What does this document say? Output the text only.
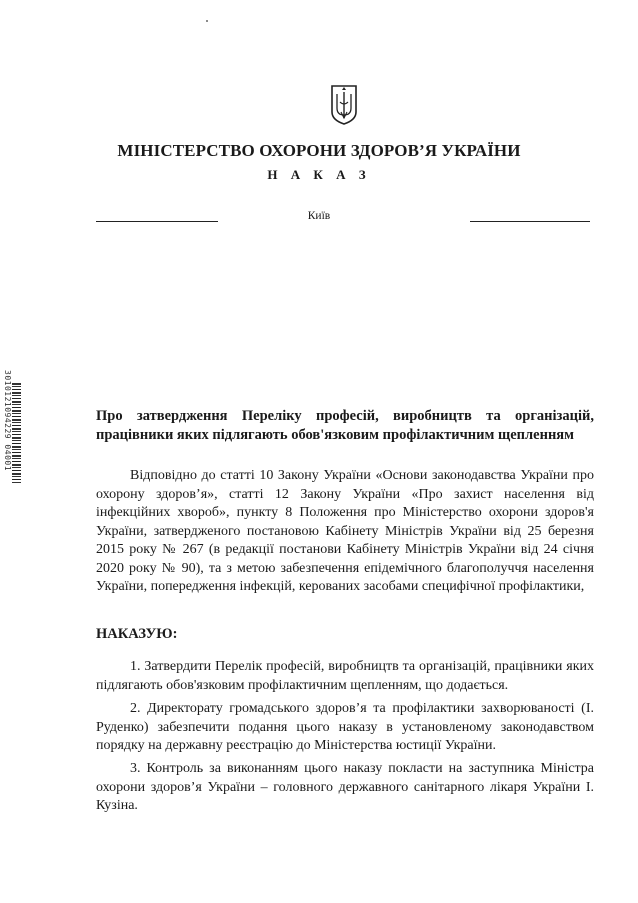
МІНІСТЕРСТВО ОХОРОНИ ЗДОРОВ’Я УКРАЇНИ
Н А К А З
Київ
3010121094229 04001	Про затвердження Переліку професій, виробництв та організацій,
працівники яких підлягають обов'язковим профілактичним щепленням
Відповідно до статті 10 Закону України «Основи законодавства України про охорону здоров’я», статті 12 Закону України «Про захист населення від інфекційних хвороб», пункту 8 Положення про Міністерство охорони здоров'я України, затвердженого постановою Кабінету Міністрів України від 25 березня 2015 року № 267 (в редакції постанови Кабінету Міністрів України від 24 січня 2020 року № 90), та з метою забезпечення епідемічного благополуччя населення України, попередження інфекцій, керованих засобами специфічної профілактики,
НАКАЗУЮ:
1. Затвердити Перелік професій, виробництв та організацій, працівники яких підлягають обов'язковим профілактичним щепленням, що додається.
2. Директорату громадського здоров’я та профілактики захворюваності (І. Руденко) забезпечити подання цього наказу в установленому законодавством порядку на державну реєстрацію до Міністерства юстиції України.
3. Контроль за виконанням цього наказу покласти на заступника Міністра охорони здоров’я України – головного державного санітарного лікаря України І. Кузіна.
